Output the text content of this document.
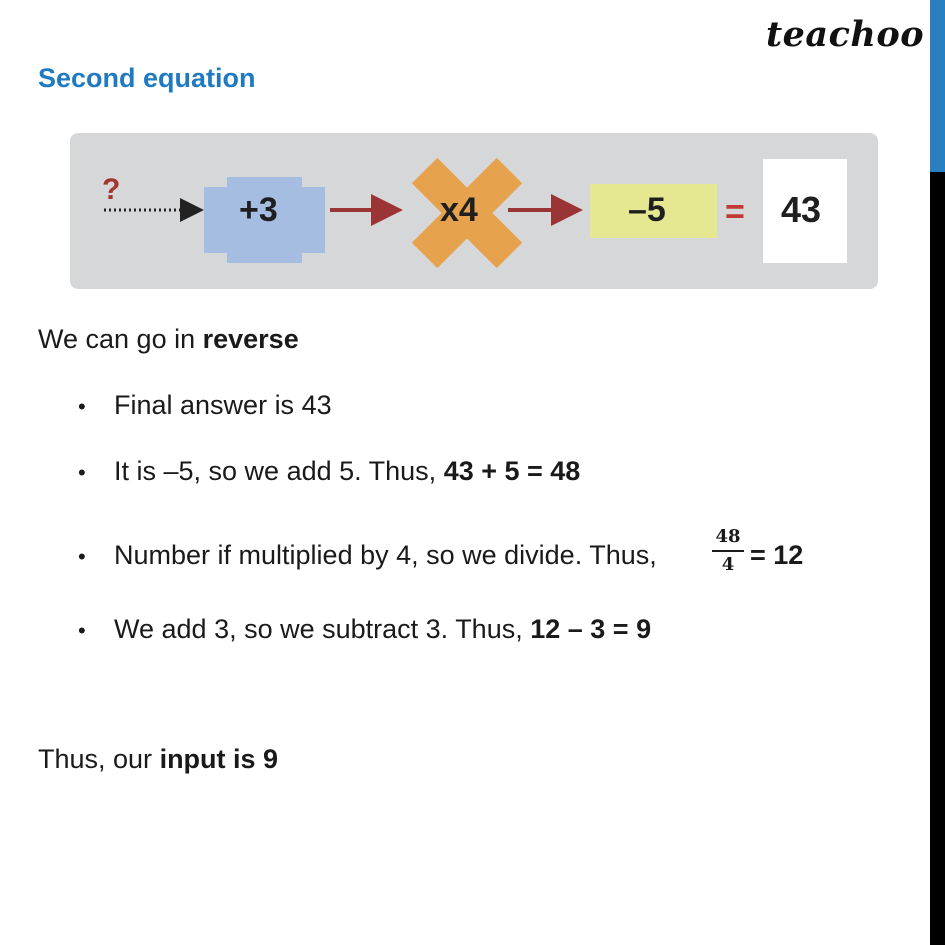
teachoo
Second equation
?
+3	x4	–5 = 43
We can go in reverse
• Final answer is 43
• It is –5, so we add 5. Thus, 43 + 5 = 48
• Number if multiplied by 4, so we divide. Thus,	$\frac{48}{4} = 12$
• We add 3, so we subtract 3. Thus, 12 – 3 = 9
Thus, our input is 9
